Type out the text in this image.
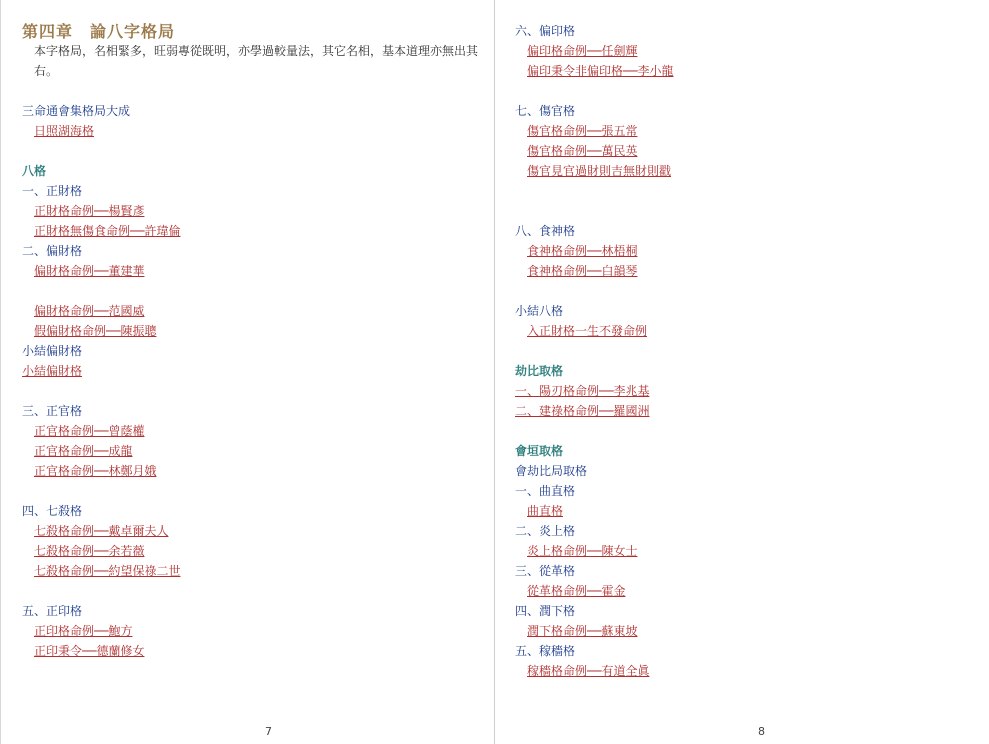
第四章　論八字格局
本字格局，名相緊多，旺弱專從既明，亦學過較量法，其它名相，基本道理亦無出其右。
三命通會集格局大成
日照湖海格
八格
一、正財格
正財格命例──楊賢彥
正財格無傷食命例──許瑋倫
二、偏財格
偏財格命例──董建華
偏財格命例──范國威
假偏財格命例──陳振聰
小結偏財格
小結偏財格
三、正官格
正官格命例──曾蔭權
正官格命例──成龍
正官格命例──林鄭月娥
四、七殺格
七殺格命例──戴卓爾夫人
七殺格命例──余若薇
七殺格命例──約望保祿二世
五、正印格
正印格命例──鮑方
正印秉令──德蘭修女
7
六、偏印格
偏印格命例──任劍輝
偏印秉令非偏印格──李小龍
七、傷官格
傷官格命例──張五常
傷官格命例──萬民英
傷官見官過財則吉無財則戳
八、食神格
食神格命例──林梧桐
食神格命例──白韻琴
小結八格
入正財格一生不發命例
劫比取格
一、陽刃格命例──李兆基
二、建祿格命例──羅國洲
會垣取格
會劫比局取格
一、曲直格
曲直格
二、炎上格
炎上格命例──陳女士
三、從革格
從革格命例──霍金
四、潤下格
潤下格命例──蘇東坡
五、稼穡格
稼穡格命例──有道全眞
8
